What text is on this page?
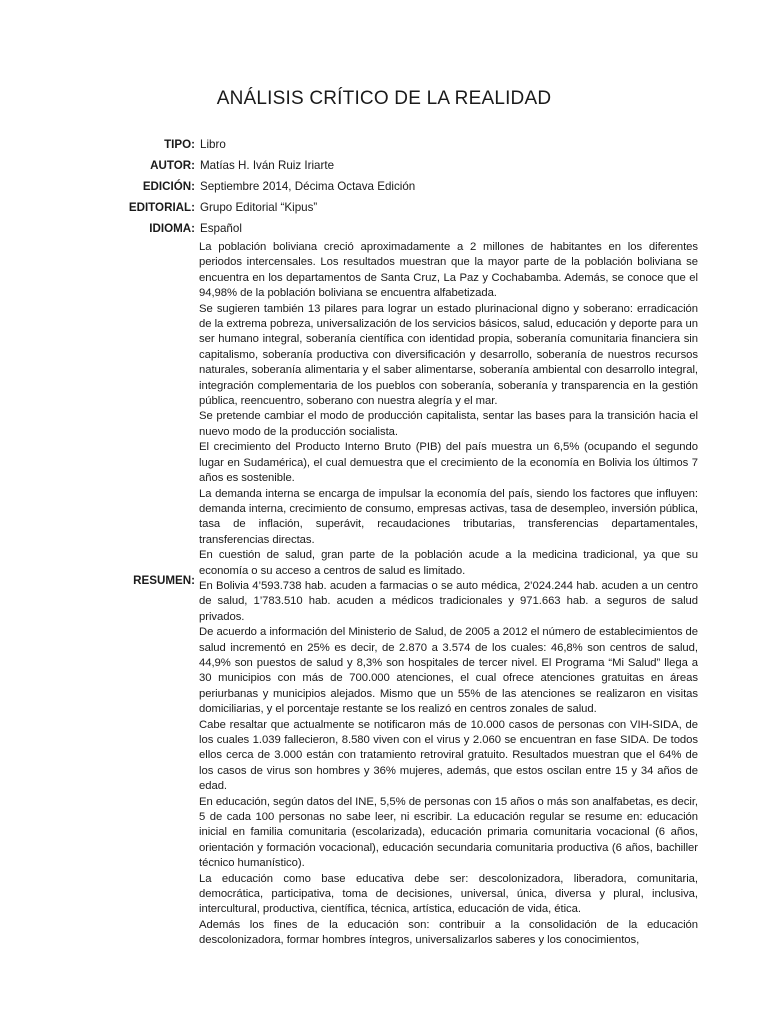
ANÁLISIS CRÍTICO DE LA REALIDAD
TIPO: Libro
AUTOR: Matías H. Iván Ruiz Iriarte
EDICIÓN: Septiembre 2014, Décima Octava Edición
EDITORIAL: Grupo Editorial “Kipus”
IDIOMA: Español
RESUMEN:

La población boliviana creció aproximadamente a 2 millones de habitantes en los diferentes periodos intercensales. Los resultados muestran que la mayor parte de la población boliviana se encuentra en los departamentos de Santa Cruz, La Paz y Cochabamba. Además, se conoce que el 94,98% de la población boliviana se encuentra alfabetizada.

Se sugieren también 13 pilares para lograr un estado plurinacional digno y soberano: erradicación de la extrema pobreza, universalización de los servicios básicos, salud, educación y deporte para un ser humano integral, soberanía científica con identidad propia, soberanía comunitaria financiera sin capitalismo, soberanía productiva con diversificación y desarrollo, soberanía de nuestros recursos naturales, soberanía alimentaria y el saber alimentarse, soberanía ambiental con desarrollo integral, integración complementaria de los pueblos con soberanía, soberanía y transparencia en la gestión pública, reencuentro, soberano con nuestra alegría y el mar.

Se pretende cambiar el modo de producción capitalista, sentar las bases para la transición hacia el nuevo modo de la producción socialista.

El crecimiento del Producto Interno Bruto (PIB) del país muestra un 6,5% (ocupando el segundo lugar en Sudamérica), el cual demuestra que el crecimiento de la economía en Bolivia los últimos 7 años es sostenible.

La demanda interna se encarga de impulsar la economía del país, siendo los factores que influyen: demanda interna, crecimiento de consumo, empresas activas, tasa de desempleo, inversión pública, tasa de inflación, superávit, recaudaciones tributarias, transferencias departamentales, transferencias directas.

En cuestión de salud, gran parte de la población acude a la medicina tradicional, ya que su economía o su acceso a centros de salud es limitado.

En Bolivia 4’593.738 hab. acuden a farmacias o se auto médica, 2’024.244 hab. acuden a un centro de salud, 1’783.510 hab. acuden a médicos tradicionales y 971.663 hab. a seguros de salud privados.

De acuerdo a información del Ministerio de Salud, de 2005 a 2012 el número de establecimientos de salud incrementó en 25% es decir, de 2.870 a 3.574 de los cuales: 46,8% son centros de salud, 44,9% son puestos de salud y 8,3% son hospitales de tercer nivel. El Programa “Mi Salud” llega a 30 municipios con más de 700.000 atenciones, el cual ofrece atenciones gratuitas en áreas periurbanas y municipios alejados. Mismo que un 55% de las atenciones se realizaron en visitas domiciliarias, y el porcentaje restante se los realizó en centros zonales de salud.

Cabe resaltar que actualmente se notificaron más de 10.000 casos de personas con VIH-SIDA, de los cuales 1.039 fallecieron, 8.580 viven con el virus y 2.060 se encuentran en fase SIDA. De todos ellos cerca de 3.000 están con tratamiento retroviral gratuito. Resultados muestran que el 64% de los casos de virus son hombres y 36% mujeres, además, que estos oscilan entre 15 y 34 años de edad.

En educación, según datos del INE, 5,5% de personas con 15 años o más son analfabetas, es decir, 5 de cada 100 personas no sabe leer, ni escribir. La educación regular se resume en: educación inicial en familia comunitaria (escolarizada), educación primaria comunitaria vocacional (6 años, orientación y formación vocacional), educación secundaria comunitaria productiva (6 años, bachiller técnico humanístico).

La educación como base educativa debe ser: descolonizadora, liberadora, comunitaria, democrática, participativa, toma de decisiones, universal, única, diversa y plural, inclusiva, intercultural, productiva, científica, técnica, artística, educación de vida, ética.

Además los fines de la educación son: contribuir a la consolidación de la educación descolonizadora, formar hombres íntegros, universalizarlos saberes y los conocimientos,
